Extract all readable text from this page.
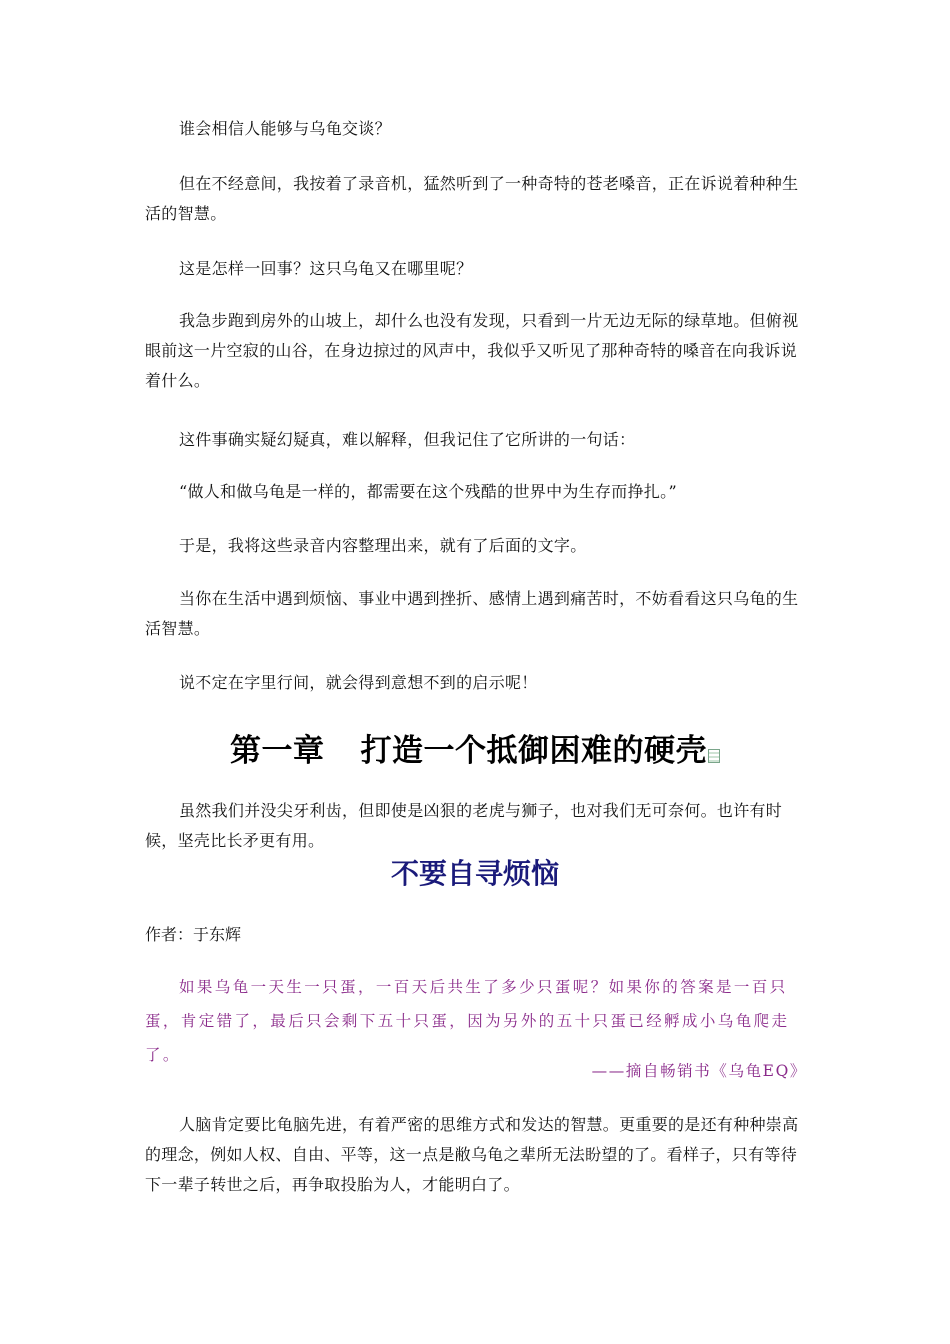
谁会相信人能够与乌龟交谈？

但在不经意间，我按着了录音机，猛然听到了一种奇特的苍老嗓音，正在诉说着种种生活的智慧。

这是怎样一回事？这只乌龟又在哪里呢？

我急步跑到房外的山坡上，却什么也没有发现，只看到一片无边无际的绿草地。但俯视眼前这一片空寂的山谷，在身边掠过的风声中，我似乎又听见了那种奇特的嗓音在向我诉说着什么。

这件事确实疑幻疑真，难以解释，但我记住了它所讲的一句话：

“做人和做乌龟是一样的，都需要在这个残酷的世界中为生存而挣扎。”

于是，我将这些录音内容整理出来，就有了后面的文字。

当你在生活中遇到烦恼、事业中遇到挫折、感情上遇到痛苦时，不妨看看这只乌龟的生活智慧。

说不定在字里行间，就会得到意想不到的启示呢！

第一章 打造一个抵御困难的硬壳

虽然我们并没尖牙利齿，但即使是凶狠的老虎与狮子，也对我们无可奈何。也许有时候，坚壳比长矛更有用。

不要自寻烦恼

作者：于东辉

如果乌龟一天生一只蛋，一百天后共生了多少只蛋呢？如果你的答案是一百只蛋，肯定错了，最后只会剩下五十只蛋，因为另外的五十只蛋已经孵成小乌龟爬走了。

——摘自畅销书《乌龟EQ》

人脑肯定要比龟脑先进，有着严密的思维方式和发达的智慧。更重要的是还有种种崇高的理念，例如人权、自由、平等，这一点是敝乌龟之辈所无法盼望的了。看样子，只有等待下一辈子转世之后，再争取投胎为人，才能明白了。
